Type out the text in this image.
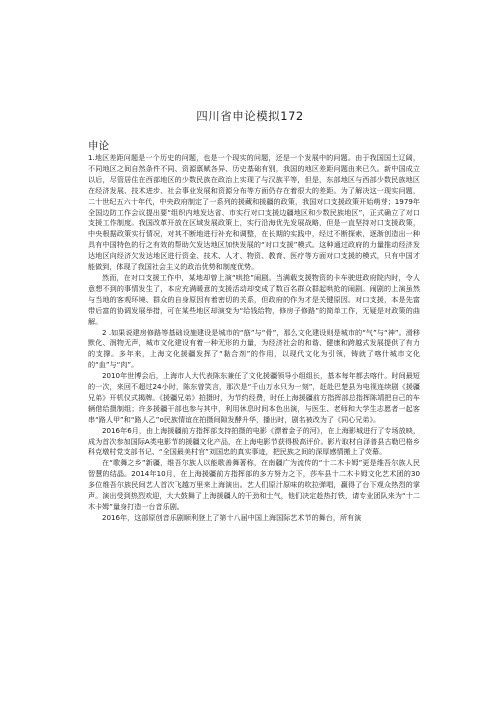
四川省申论模拟172
申论

1.地区差距问题是一个历史的问题，也是一个现实的问题，还是一个发展中的问题。由于我国国土辽阔，不同地区之间自然条件不同、资源禀赋各异、历史基础有别，我国的地区差距问题由来已久。新中国成立以后，尽管居住在西部地区的少数民族在政治上实现了与汉族平等，但是，东部地区与西部少数民族地区在经济发展、技术进步、社会事业发展和资源分布等方面仍存在着很大的差距。为了解决这一现实问题，二十世纪五六十年代，中央政府制定了一系列的援藏和援疆的政策，我国对口支援政策开始萌芽；1979年全国边防工作会议提出要“组织内地发达省、市实行对口支援边疆地区和少数民族地区”，正式确立了对口支援工作制度。我国改革开放在区域发展政策上，实行沿海优先发展战略，但是一直坚持对口支援政策，中央根据政策实行情况，对其不断地进行补充和调整，在长期的实践中，经过不断探索，逐渐创造出一种具有中国特色的行之有效的帮助欠发达地区加快发展的“对口支援”模式。这种通过政府的力量推动经济发达地区向经济欠发达地区进行资金、技术、人才、物资、教育、医疗等方面对口支援的模式，只有中国才能做到，体现了我国社会主义的政治优势和制度优势。

然而，在对口支援工作中，某地却曾上演“哄抢”闹剧。当满载支援物资的卡车驶进政府院内时，令人意想不到的事情发生了，本应充满暖意的支援活动却变成了数百名群众群起哄抢的闹剧。闹剧的上演虽然与当地的客观环境、群众的自身原因有着密切的关系，但政府的作为才是关键原因。对口支援，本是先富带后富的协调发展举措，可在某些地区却演变为“给钱给物，修房子修路”的简单工作，无疑是对政策的曲解。

2 .如果说建房修路等基础设施建设是城市的“筋”与“骨”，那么文化建设则是城市的“气”与“神”。滑移默化、润物无声，城市文化建设有着一种无形的力量，为经济社会的和谐、健康和跨越式发展提供了有力的支撑。多年来，上海文化援疆发挥了“黏合剂”的作用，以现代文化为引领，铸就了喀什城市文化的“血”与“肉”。

2010年世博会后，上海市人大代表陈东兼任了文化援疆领导小组组长，基本每年都去喀什。时间最短的一次，来回不超过24小时，陈东曾笑言，那次是“千山万水只为一刻”，赶赴巴楚县为电视连续剧《援疆兄弟》开机仪式揭牌。《援疆兄弟》拍摄时，为节约经费，时任上海援疆前方指挥部总指挥陈靖把自己的车辆借给摄制组；许多援疆干部也参与其中，利用休息时间本色出演，与医生、老师和大学生志愿者一起客串“路人甲”和“路人乙”o民族情谊在拍摄间隙发酵升华，播出时，剧名被改为了《同心兄弟》。

2016年6月，由上海援疆前方指挥部支持拍摄的电影《漂着金子的河》，在上海影城进行了专场放映，成为首次参加国际A类电影节的援疆文化产品，在上海电影节获得极高评价。影片取材自泽普县古勒巴格乡科克墩村党支部书记、“全国最美村官”刘国忠的真实事迹，把民族之间的深厚感情搬上了荧幕。

在“歌舞之乡”新疆，维吾尔族人以能歌善舞著称，在南疆广为流传的“十二木卡姆”更是维吾尔族人民智慧的结晶。2014年10月，在上海援疆前方指挥部的多方努力之下，莎车县十二木卡姆文化艺术团的30多位维吾尔族民间艺人首次飞越万里来上海演出。艺人们原汁原味的吹拉弹唱，赢得了台下观众热烈的掌声。演出受到热烈欢迎，大大鼓舞了上海援疆人的干劲和士气，他们决定趁热打铁，请专业团队来为“十二木卡姆”量身打造一台音乐剧。

2016年，这部原创音乐剧顺利登上了第十八届中国上海国际艺术节的舞台，所有演
